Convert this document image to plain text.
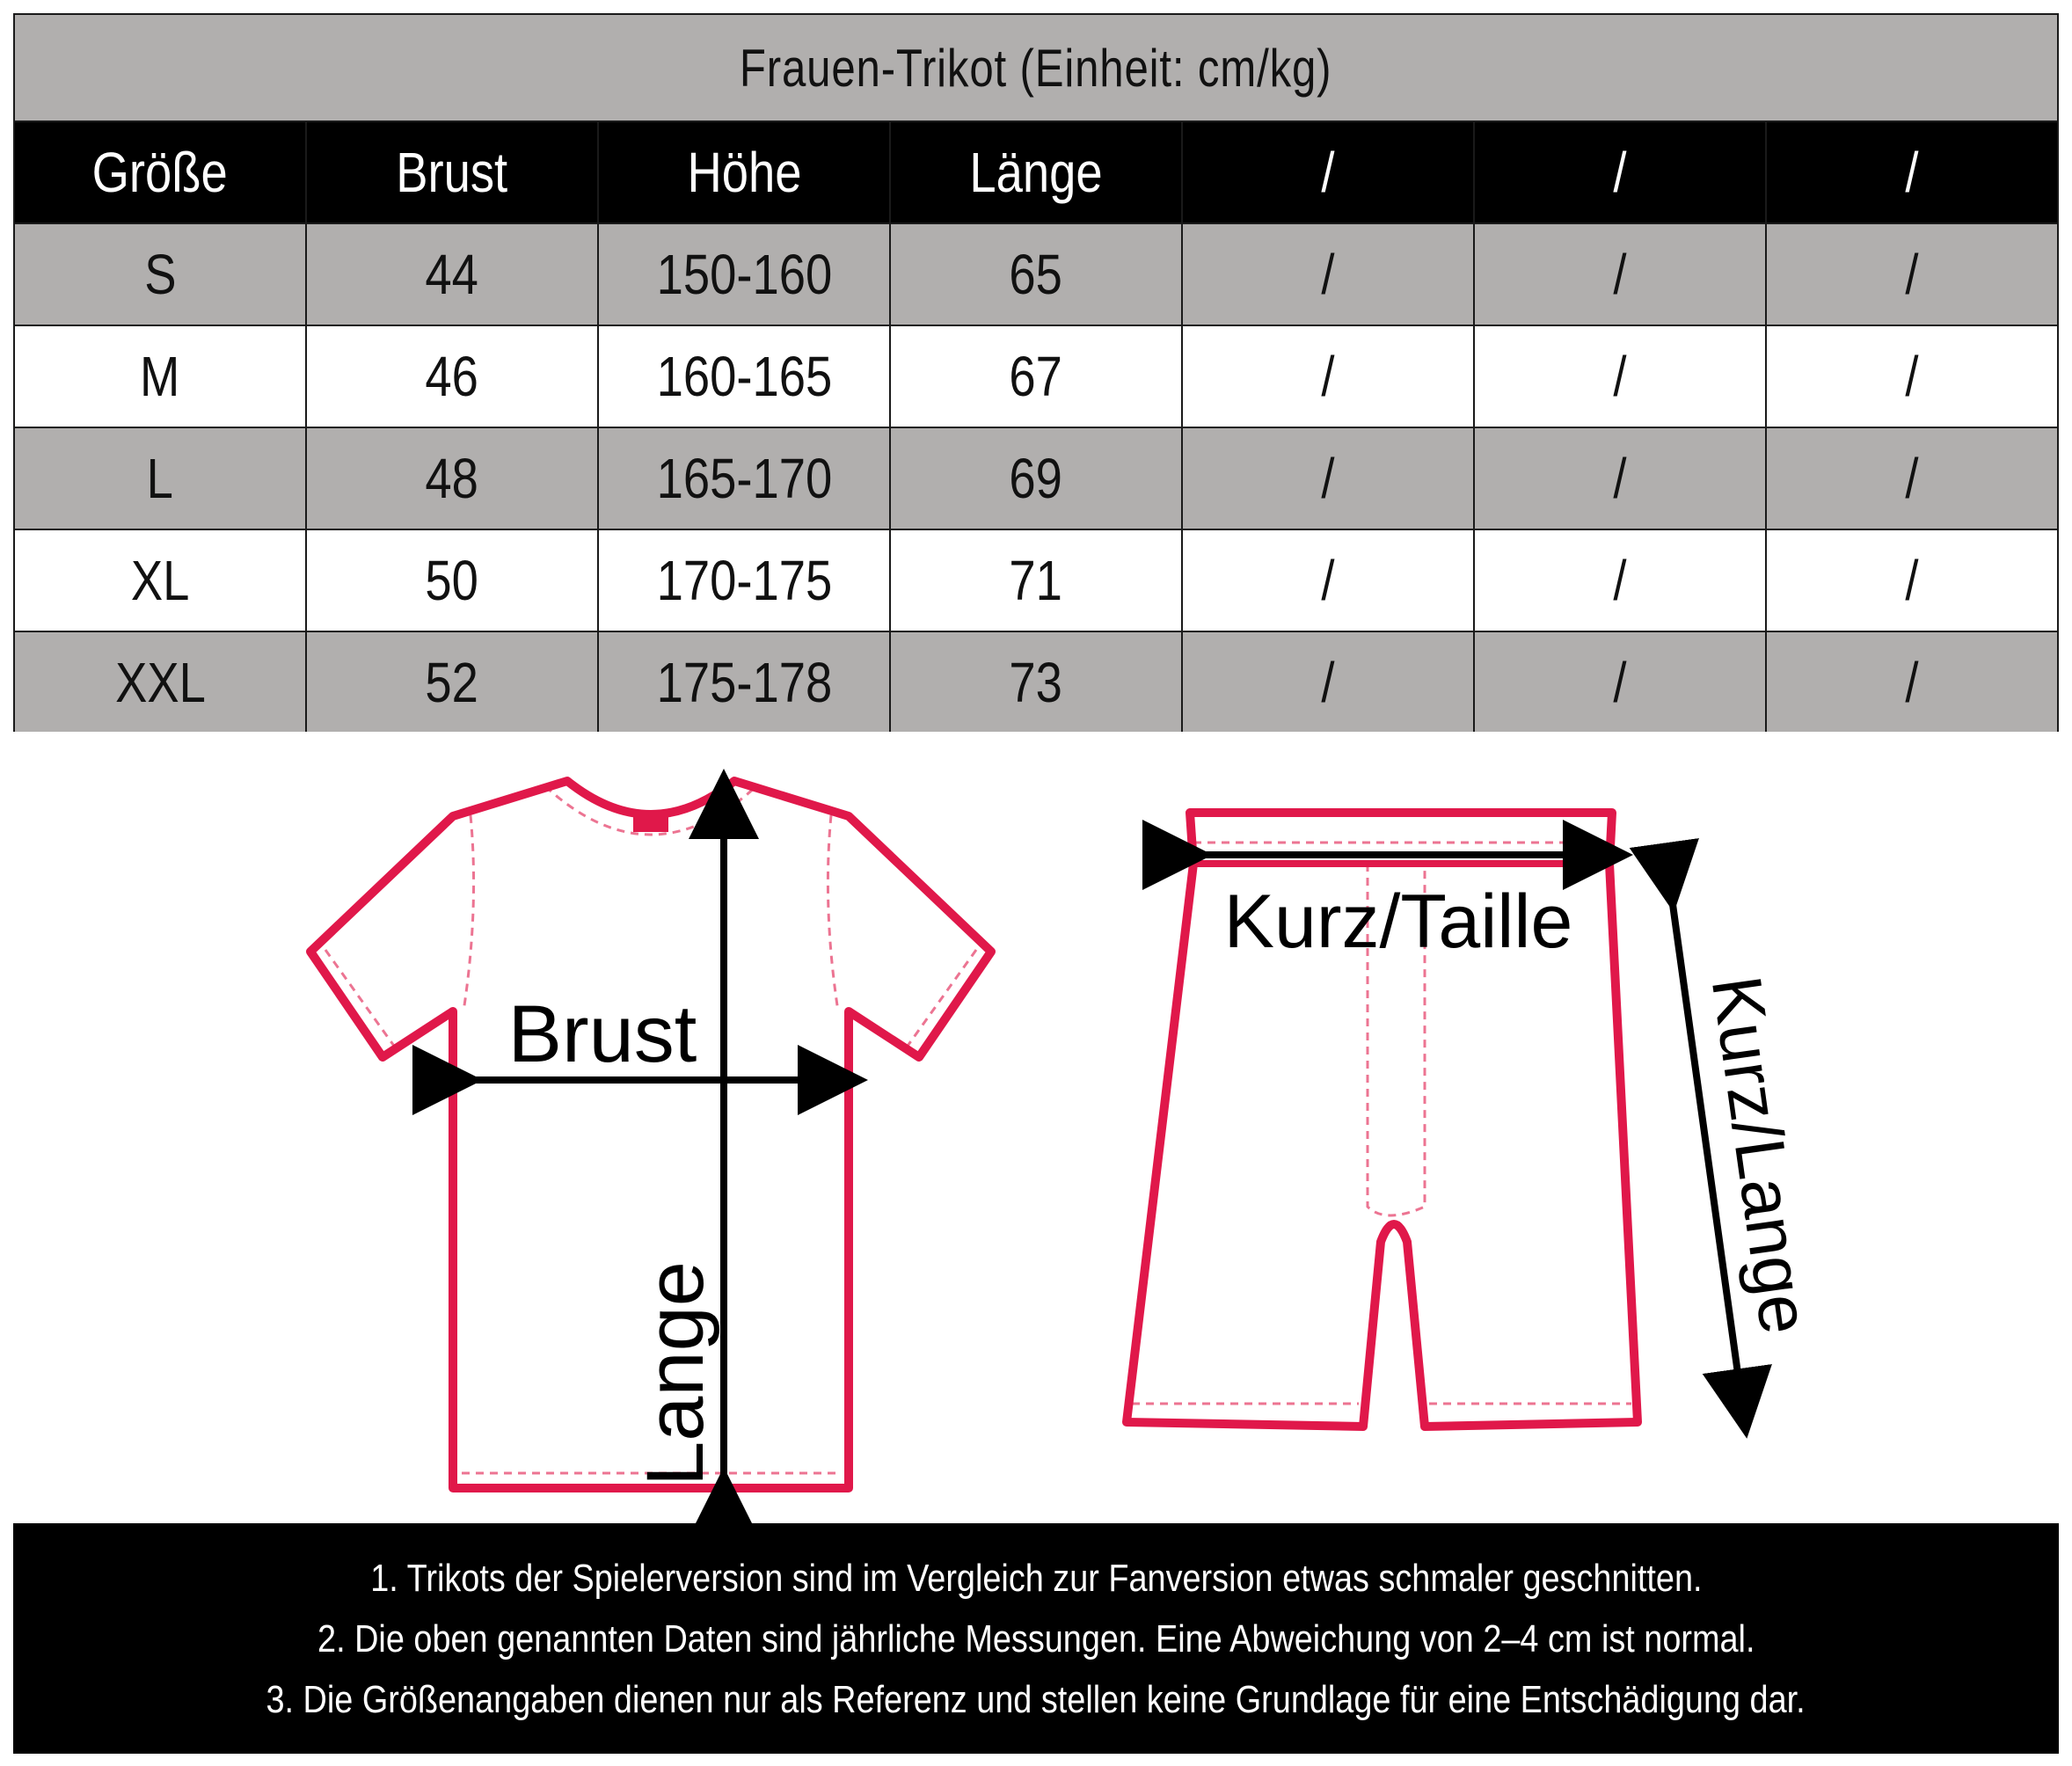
Frauen-Trikot (Einheit: cm/kg)						
Größe	Brust	Höhe	Länge	/	/	/
S	44	150-160	65	/	/	/
M	46	160-165	67	/	/	/
L	48	165-170	69	/	/	/
XL	50	170-175	71	/	/	/
XXL	52	175-178	73	/	/	/
Brust
Lange
Kurz/Taille
Kurz/Lange

1. Trikots der Spielerversion sind im Vergleich zur Fanversion etwas schmaler geschnitten.

2. Die oben genannten Daten sind jährliche Messungen. Eine Abweichung von 2–4 cm ist normal.

3. Die Größenangaben dienen nur als Referenz und stellen keine Grundlage für eine Entschädigung dar.
